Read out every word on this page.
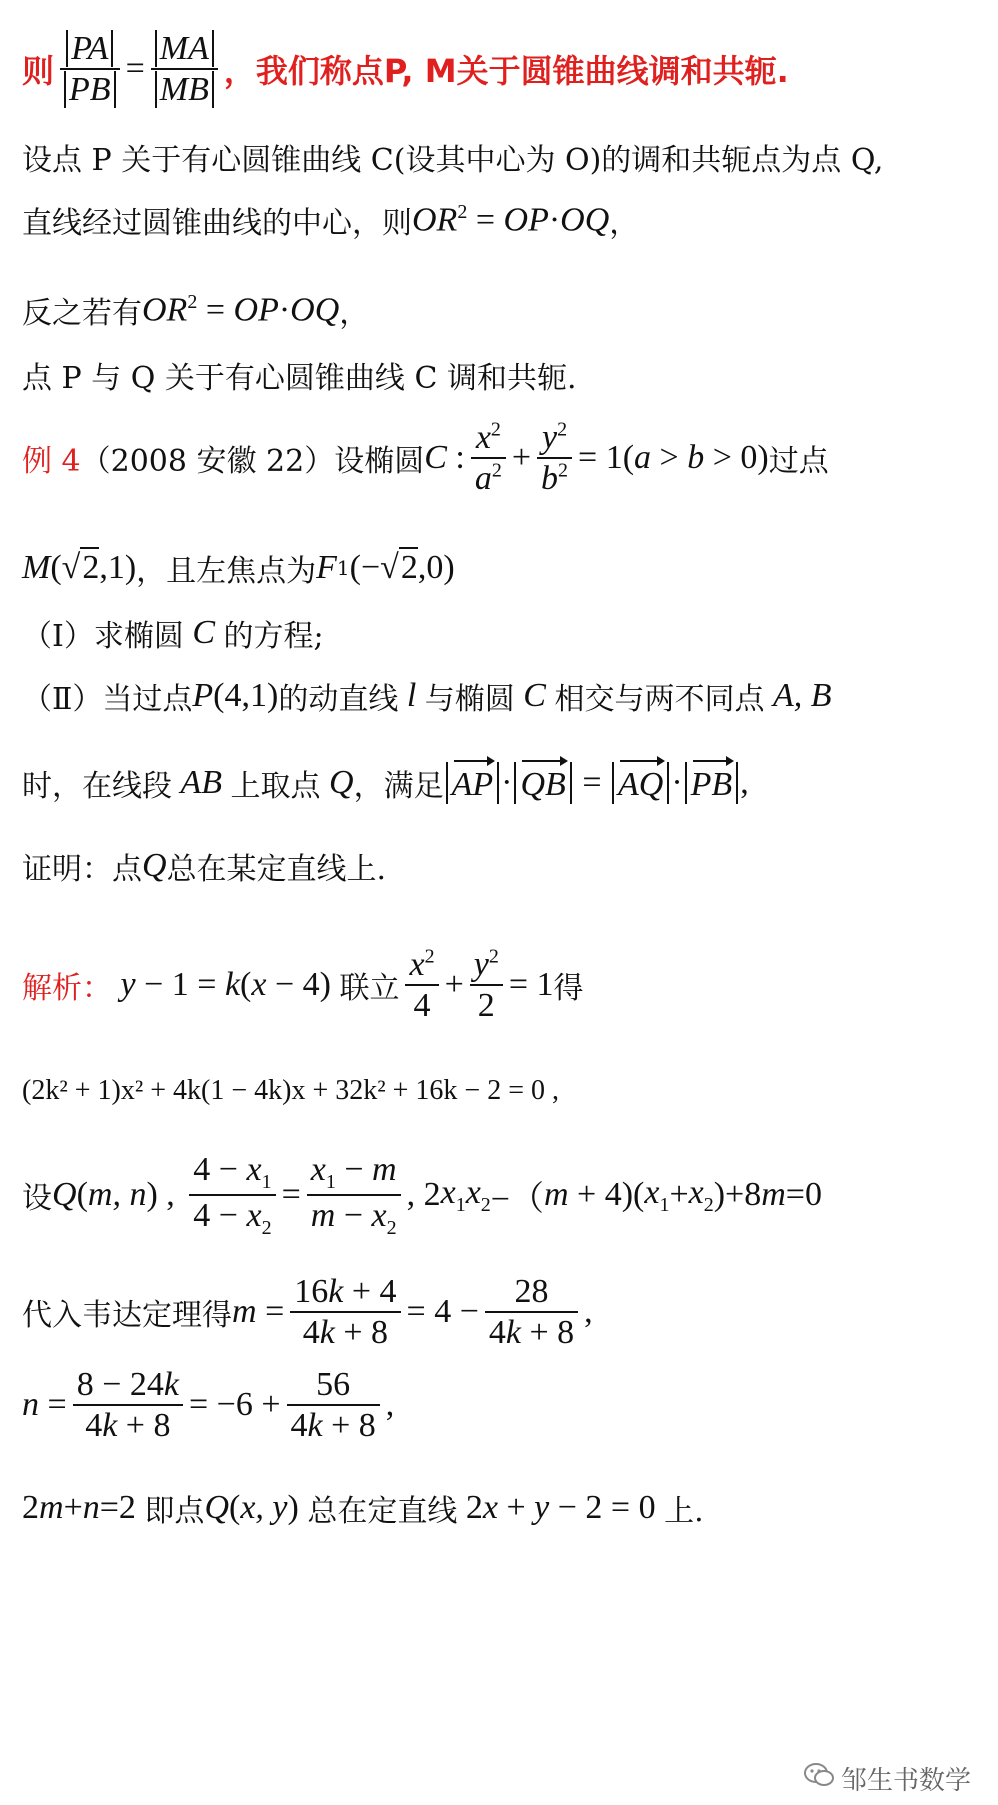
则 $\frac{PA}{PB} = \frac{MA}{MB}$ ，我们称点P, M关于圆锥曲线调和共轭.
设点 P 关于有心圆锥曲线 C(设其中心为 O)的调和共轭点为点 Q,
直线经过圆锥曲线的中心，则 $OR^2 = OP\cdot OQ$ ，
反之若有 $OR^2 = OP\cdot OQ$ ，
点 P 与 Q 关于有心圆锥曲线 C 调和共轭.
例 4 （2008 安徽 22）设椭圆 C : $\frac{x^2}{a^2} + \frac{y^2}{b^2} = 1$( a > b > 0) 过点
M (√2,1) ，且左焦点为 F 1 (−√2,0)
（Ⅰ）求椭圆 C 的方程;
（Ⅱ）当过点 P (4,1) 的动直线 l 与椭圆 C 相交与两不同点 A, B
时，在线段 AB 上取点 Q ，满足 AP · QB = AQ · PB ,
证明：点 Q 总在某定直线上.
解析： y − 1 = k ( x − 4) 联立 $\frac{x^2}{4} + \frac{y^2}{2} = 1$ 得
(2k² + 1)x² + 4k(1 − 4k)x + 32k² + 16k − 2 = 0 ,
设 Q ( m, n ) , $\frac{4 - x_1}{4 - x_2} = \frac{x_1 - m}{m - x_2}$ , 2 $x_1x_2$ −（ m + 4)( $x_1 + x_2$ )+8 m =0
代入韦达定理得 $m = \frac{16k + 4}{4k + 8} = 4 - \frac{28}{4k + 8}$ ,
$n = \frac{8 - 24k}{4k + 8} = -6 + \frac{56}{4k + 8}$ ,
2 m + n =2 即点 Q ( x, y ) 总在定直线 2 x + y − 2 = 0 上.
邹生书数学
